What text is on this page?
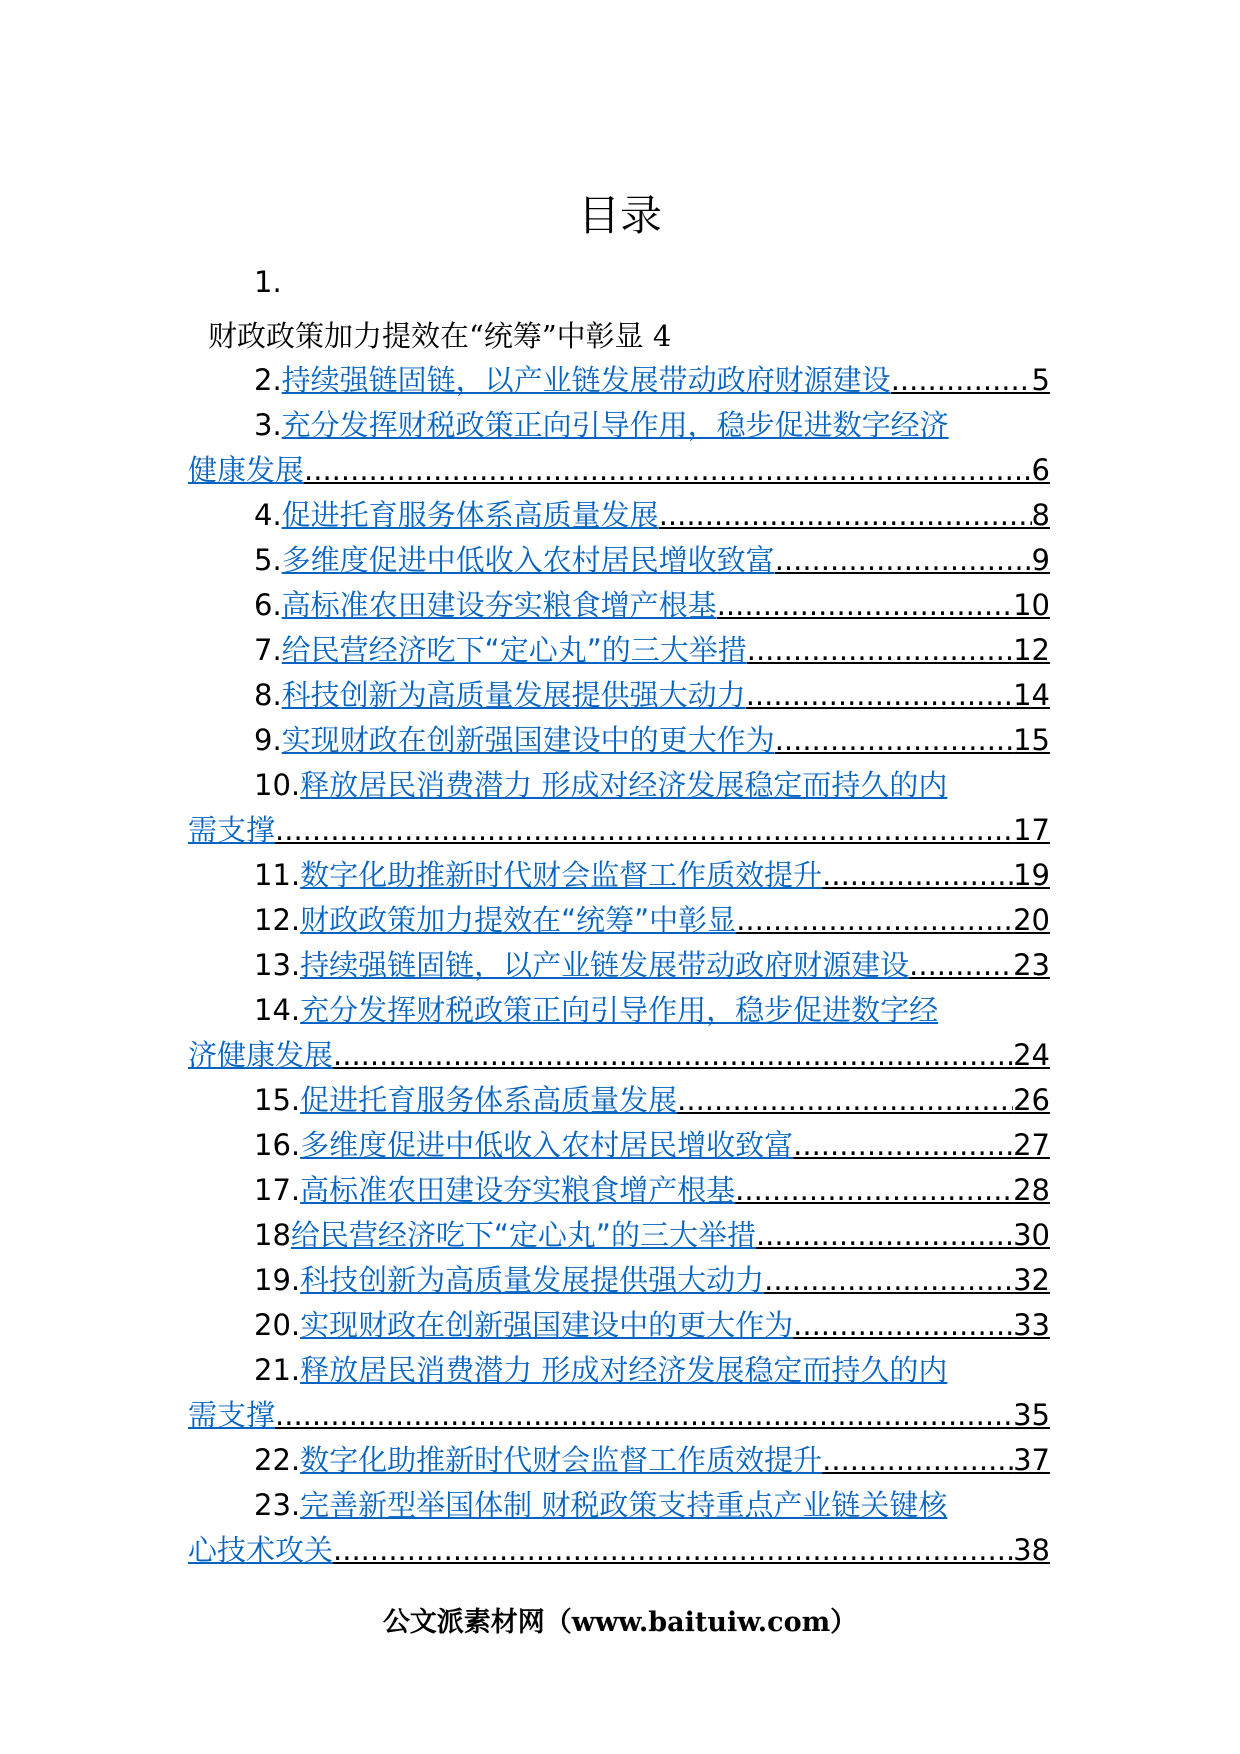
目录
1.
财政政策加力提效在“统筹”中彰显 4
2. 持续强链固链，以产业链发展带动政府财源建设 .....	5
3. 充分发挥财税政策正向引导作用，稳步促进数字经济
健康发展 .....	6
4. 促进托育服务体系高质量发展 .....	8
5. 多维度促进中低收入农村居民增收致富 .....	9
6. 高标准农田建设夯实粮食增产根基 .....	10
7. 给民营经济吃下“定心丸”的三大举措 .....	12
8. 科技创新为高质量发展提供强大动力 .....	14
9. 实现财政在创新强国建设中的更大作为 .....	15
10. 释放居民消费潜力 形成对经济发展稳定而持久的内
需支撑 .....	17
11. 数字化助推新时代财会监督工作质效提升 .....	19
12. 财政政策加力提效在“统筹”中彰显 .....	20
13. 持续强链固链，以产业链发展带动政府财源建设 .....	23
14. 充分发挥财税政策正向引导作用，稳步促进数字经
济健康发展 .....	24
15. 促进托育服务体系高质量发展 .....	26
16. 多维度促进中低收入农村居民增收致富 .....	27
17. 高标准农田建设夯实粮食增产根基 .....	28
18 给民营经济吃下“定心丸”的三大举措 .....	30
19. 科技创新为高质量发展提供强大动力 .....	32
20. 实现财政在创新强国建设中的更大作为 .....	33
21. 释放居民消费潜力 形成对经济发展稳定而持久的内
需支撑 .....	35
22. 数字化助推新时代财会监督工作质效提升 .....	37
23. 完善新型举国体制 财税政策支持重点产业链关键核
心技术攻关 .....	38
公文派素材网（www.baituiw.com）
